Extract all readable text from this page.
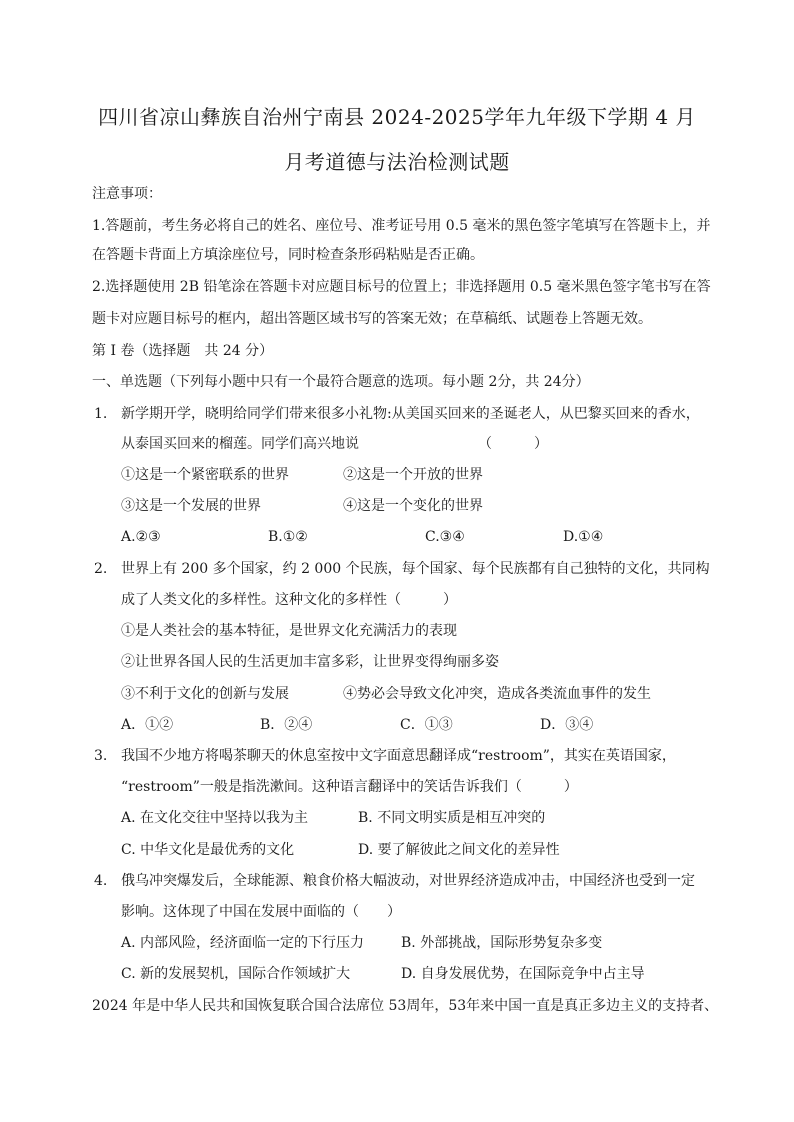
四川省凉山彝族自治州宁南县 2024-2025学年九年级下学期 4 月
月考道德与法治检测试题
注意事项：
1.答题前，考生务必将自己的姓名、座位号、准考证号用 0.5 毫米的黑色签字笔填写在答题卡上，并
在答题卡背面上方填涂座位号，同时检查条形码粘贴是否正确。
2.选择题使用 2B 铅笔涂在答题卡对应题目标号的位置上；非选择题用 0.5 毫米黑色签字笔书写在答
题卡对应题目标号的框内，超出答题区域书写的答案无效；在草稿纸、试题卷上答题无效。
第 I 卷（选择题　共 24 分）
一、单选题（下列每小题中只有一个最符合题意的选项。每小题 2分，共 24分）
1. 新学期开学，晓明给同学们带来很多小礼物:从美国买回来的圣诞老人，从巴黎买回来的香水，
从泰国买回来的榴莲。同学们高兴地说　　　　　　　　　（　　　）
①这是一个紧密联系的世界	②这是一个开放的世界
③这是一个发展的世界	④这是一个变化的世界
A.②③	B.①②	C.③④	D.①④
2. 世界上有 200 多个国家，约 2 000 个民族，每个国家、每个民族都有自己独特的文化，共同构
成了人类文化的多样性。这种文化的多样性（　　　）
①是人类社会的基本特征，是世界文化充满活力的表现
②让世界各国人民的生活更加丰富多彩，让世界变得绚丽多姿
③不利于文化的创新与发展	④势必会导致文化冲突，造成各类流血事件的发生
A．①②	B．②④	C．①③	D．③④
3. 我国不少地方将喝茶聊天的休息室按中文字面意思翻译成“restroom”，其实在英语国家，
“restroom”一般是指洗漱间。这种语言翻译中的笑话告诉我们（　　　）
A. 在文化交往中坚持以我为主	B. 不同文明实质是相互冲突的
C. 中华文化是最优秀的文化	D. 要了解彼此之间文化的差异性
4. 俄乌冲突爆发后，全球能源、粮食价格大幅波动，对世界经济造成冲击，中国经济也受到一定
影响。这体现了中国在发展中面临的（　　）
A. 内部风险，经济面临一定的下行压力	B. 外部挑战，国际形势复杂多变
C. 新的发展契机，国际合作领域扩大	D. 自身发展优势，在国际竞争中占主导
2024 年是中华人民共和国恢复联合国合法席位 53周年，53年来中国一直是真正多边主义的支持者、
